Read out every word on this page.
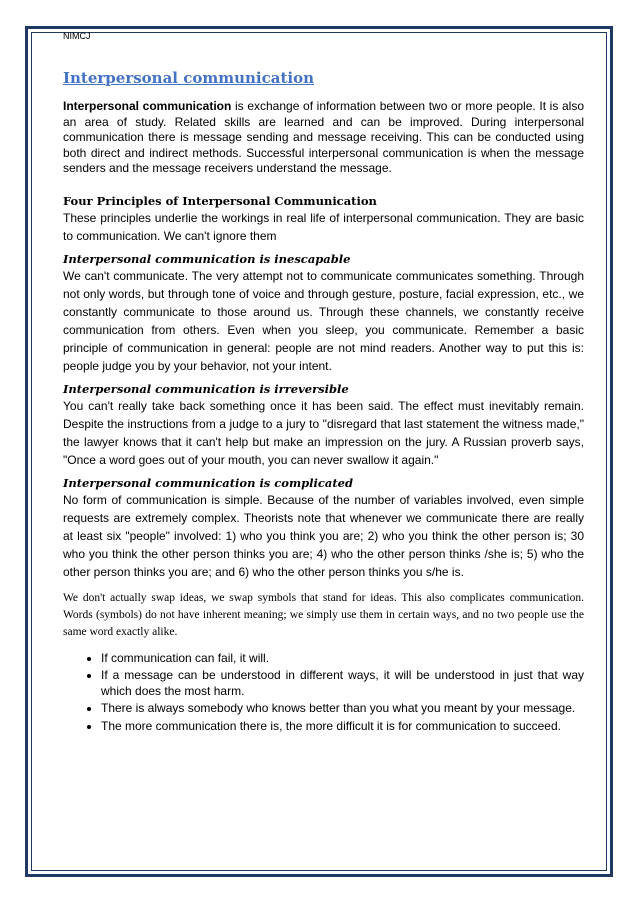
NIMCJ

Interpersonal communication

Interpersonal communication is exchange of information between two or more people. It is also an area of study. Related skills are learned and can be improved. During interpersonal communication there is message sending and message receiving. This can be conducted using both direct and indirect methods. Successful interpersonal communication is when the message senders and the message receivers understand the message.

Four Principles of Interpersonal Communication

These principles underlie the workings in real life of interpersonal communication. They are basic to communication. We can't ignore them

Interpersonal communication is inescapable

We can't communicate. The very attempt not to communicate communicates something. Through not only words, but through tone of voice and through gesture, posture, facial expression, etc., we constantly communicate to those around us. Through these channels, we constantly receive communication from others. Even when you sleep, you communicate. Remember a basic principle of communication in general: people are not mind readers. Another way to put this is: people judge you by your behavior, not your intent.

Interpersonal communication is irreversible

You can't really take back something once it has been said. The effect must inevitably remain. Despite the instructions from a judge to a jury to "disregard that last statement the witness made," the lawyer knows that it can't help but make an impression on the jury. A Russian proverb says, "Once a word goes out of your mouth, you can never swallow it again."

Interpersonal communication is complicated

No form of communication is simple. Because of the number of variables involved, even simple requests are extremely complex. Theorists note that whenever we communicate there are really at least six "people" involved: 1) who you think you are; 2) who you think the other person is; 30 who you think the other person thinks you are; 4) who the other person thinks /she is; 5) who the other person thinks you are; and 6) who the other person thinks you s/he is.

We don't actually swap ideas, we swap symbols that stand for ideas. This also complicates communication. Words (symbols) do not have inherent meaning; we simply use them in certain ways, and no two people use the same word exactly alike.

• If communication can fail, it will.
• If a message can be understood in different ways, it will be understood in just that way which does the most harm.
• There is always somebody who knows better than you what you meant by your message.
• The more communication there is, the more difficult it is for communication to succeed.
